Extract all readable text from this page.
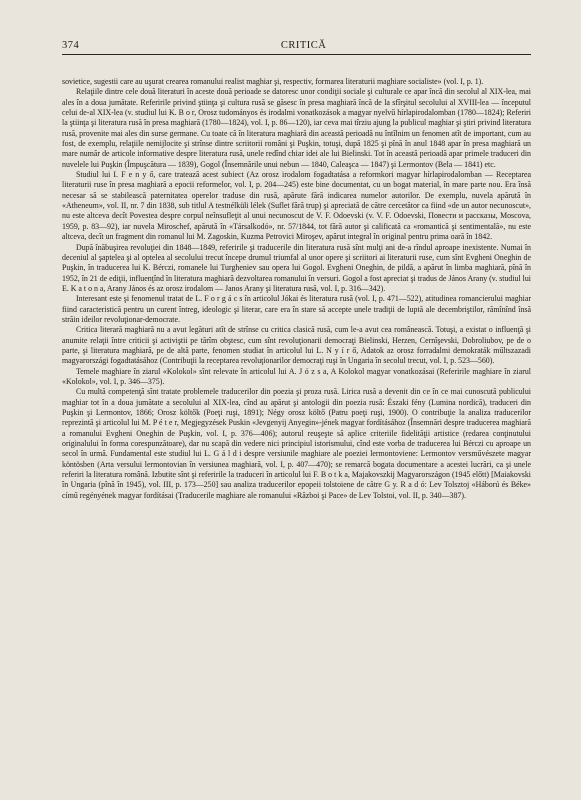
374	CRITICĂ

sovietice, sugestii care au uşurat crearea romanului realist maghiar şi, respectiv, formarea literaturii maghiare socialiste» (vol. I, p. 1).

Relaţiile dintre cele două literaturi în aceste două perioade se datoresc unor condiţii sociale şi culturale ce apar încă din secolul al XIX-lea, mai ales în a doua jumătate. Referirile privind ştiinţa şi cultura rusă se găsesc în presa maghiară încă de la sfîrşitul secolului al XVIII-lea — începutul celui de-al XIX-lea (v. studiul lui K. B o r, Orosz tudományos és irodalmi vonatkozások a magyar nyelvű hírlapirodalomban (1780—1824); Referiri la ştiinţa şi literatura rusă în presa maghiară (1780—1824), vol. I, p. 86—120), iar ceva mai tîrziu ajung la publicul maghiar şi ştiri privind literatura rusă, provenite mai ales din surse germane. Cu toate că în literatura maghiară din această perioadă nu întîlnim un fenomen atît de important, cum au fost, de exemplu, relaţiile nemijlocite şi strînse dintre scriitorii români şi Puşkin, totuşi, după 1825 şi pînă în anul 1848 apar în presa maghiară un mare număr de articole informative despre literatura rusă, unele redînd chiar idei ale lui Bielinski. Tot în această perioadă apar primele traduceri din nuvelele lui Puşkin (Împuşcătura — 1839), Gogol (Însemnările unui nebun — 1840, Caleaşca — 1847) şi Lermontov (Bela — 1841) etc.

Studiul lui I. F e n y ő, care tratează acest subiect (Az orosz irodalom fogadtatása a reformkori magyar hírlapirodalomban — Receptarea literaturii ruse în presa maghiară a epocii reformelor, vol. I, p. 204—245) este bine documentat, cu un bogat material, în mare parte nou. Era însă necesar să se stabilească paternitatea operelor traduse din rusă, apărute fără indicarea numelor autorilor. De exemplu, nuvela apărută în «Atheneum», vol. II, nr. 7 din 1838, sub titlul A testnélküli lélek (Suflet fără trup) şi apreciată de către cercetător ca fiind «de un autor necunoscut», nu este altceva decît Povestea despre corpul neînsufleţit al unui necunoscut de V. F. Odoevski (v. V. F. Odoevski, Повести и рассказы, Moscova, 1959, p. 83—92), iar nuvela Miroschef, apărută în «Társalkodó», nr. 57/1844, tot fără autor şi calificată ca «romantică şi sentimentală», nu este altceva, decît un fragment din romanul lui M. Zagoskin, Kuzma Petrovici Miroşev, apărut integral în original pentru prima oară în 1842.

După înăbuşirea revoluţiei din 1848—1849, referirile şi traducerile din literatura rusă sînt mulţi ani de-a rîndul aproape inexistente. Numai în deceniul al şaptelea şi al optelea al secolului trecut începe drumul triumfal al unor opere şi scriitori ai literaturii ruse, cum sînt Evgheni Oneghin de Puşkin, în traducerea lui K. Bérczi, romanele lui Turgheniev sau opera lui Gogol. Evgheni Oneghin, de pildă, a apărut în limba maghiară, pînă în 1952, în 21 de ediţii, influenţînd în literatura maghiară dezvoltarea romanului în versuri. Gogol a fost apreciat şi tradus de János Arany (v. studiul lui E. K a t o n a, Arany János és az orosz irodalom — Janos Arany şi literatura rusă, vol. I, p. 316—342).

Interesant este şi fenomenul tratat de L. F o r g á c s în articolul Jókai és literatura rusă (vol. I, p. 471—522), atitudinea romancierului maghiar fiind caracteristică pentru un curent întreg, ideologic şi literar, care era în stare să accepte unele tradiţii de luptă ale decembriştilor, rămînînd însă străin ideilor revoluţionar-democrate.

Critica literară maghiară nu a avut legături atît de strînse cu critica clasică rusă, cum le-a avut cea românească. Totuşi, a existat o influenţă şi anumite relaţii între criticii şi activiştii pe tărîm obştesc, cum sînt revoluţionarii democraţi Bielinski, Herzen, Cernîşevski, Dobroliubov, pe de o parte, şi literatura maghiară, pe de altă parte, fenomen studiat în articolul lui L. N y í r ő, Adatok az orosz forradalmi demokraták műltszazadi magyarországi fogadtatásához (Contribuţii la receptarea revoluţionarilor democraţi ruşi în Ungaria în secolul trecut, vol. I, p. 523—560).

Temele maghiare în ziarul «Kolokol» sînt relevate în articolul lui A. J ó z s a, A Kolokol magyar vonatkozásai (Referirile maghiare în ziarul «Kolokol», vol. I, p. 346—375).

Cu multă competenţă sînt tratate problemele traducerilor din poezia şi proza rusă. Lirica rusă a devenit din ce în ce mai cunoscută publicului maghiar tot în a doua jumătate a secolului al XIX-lea, cînd au apărut şi antologii din poezia rusă: Északi fény (Lumina nordică), traduceri din Puşkin şi Lermontov, 1866; Orosz költők (Poeţi ruşi, 1891); Négy orosz költő (Patru poeţi ruşi, 1900). O contribuţie la analiza traducerilor reprezintă şi articolul lui M. P é t e r, Megjegyzések Puskin «Jevgenyij Anyegin»-jének magyar fordításához (Însemnări despre traducerea maghiară a romanului Evgheni Oneghin de Puşkin, vol. I, p. 376—406); autorul reuşeşte să aplice criteriile fidelităţii artistice (redarea conţinutului originalului în forma corespunzătoare), dar nu scapă din vedere nici principiul istorismului, cînd este vorba de traducerea lui Bérczi cu aproape un secol în urmă. Fundamental este studiul lui L. G á l d i despre versiunile maghiare ale poeziei lermontoviene: Lermontov versművészete magyar köntösben (Arta versului lermontovian în versiunea maghiară, vol. I, p. 407—470); se remarcă bogata documentare a acestei lucrări, ca şi unele referiri la literatura română. Izbutite sînt şi referirile la traduceri în articolul lui F. B o t k a, Majakovszkij Magyarországon (1945 előtt) [Maiakovski în Ungaria (pînă în 1945), vol. III, p. 173—250] sau analiza traducerilor epopeii tolstoiene de către G y. R a d ó: Lev Tolsztoj «Háború és Béke» című regényének magyar fordításai (Traducerile maghiare ale romanului «Război şi Pace» de Lev Tolstoi, vol. II, p. 340—387).
